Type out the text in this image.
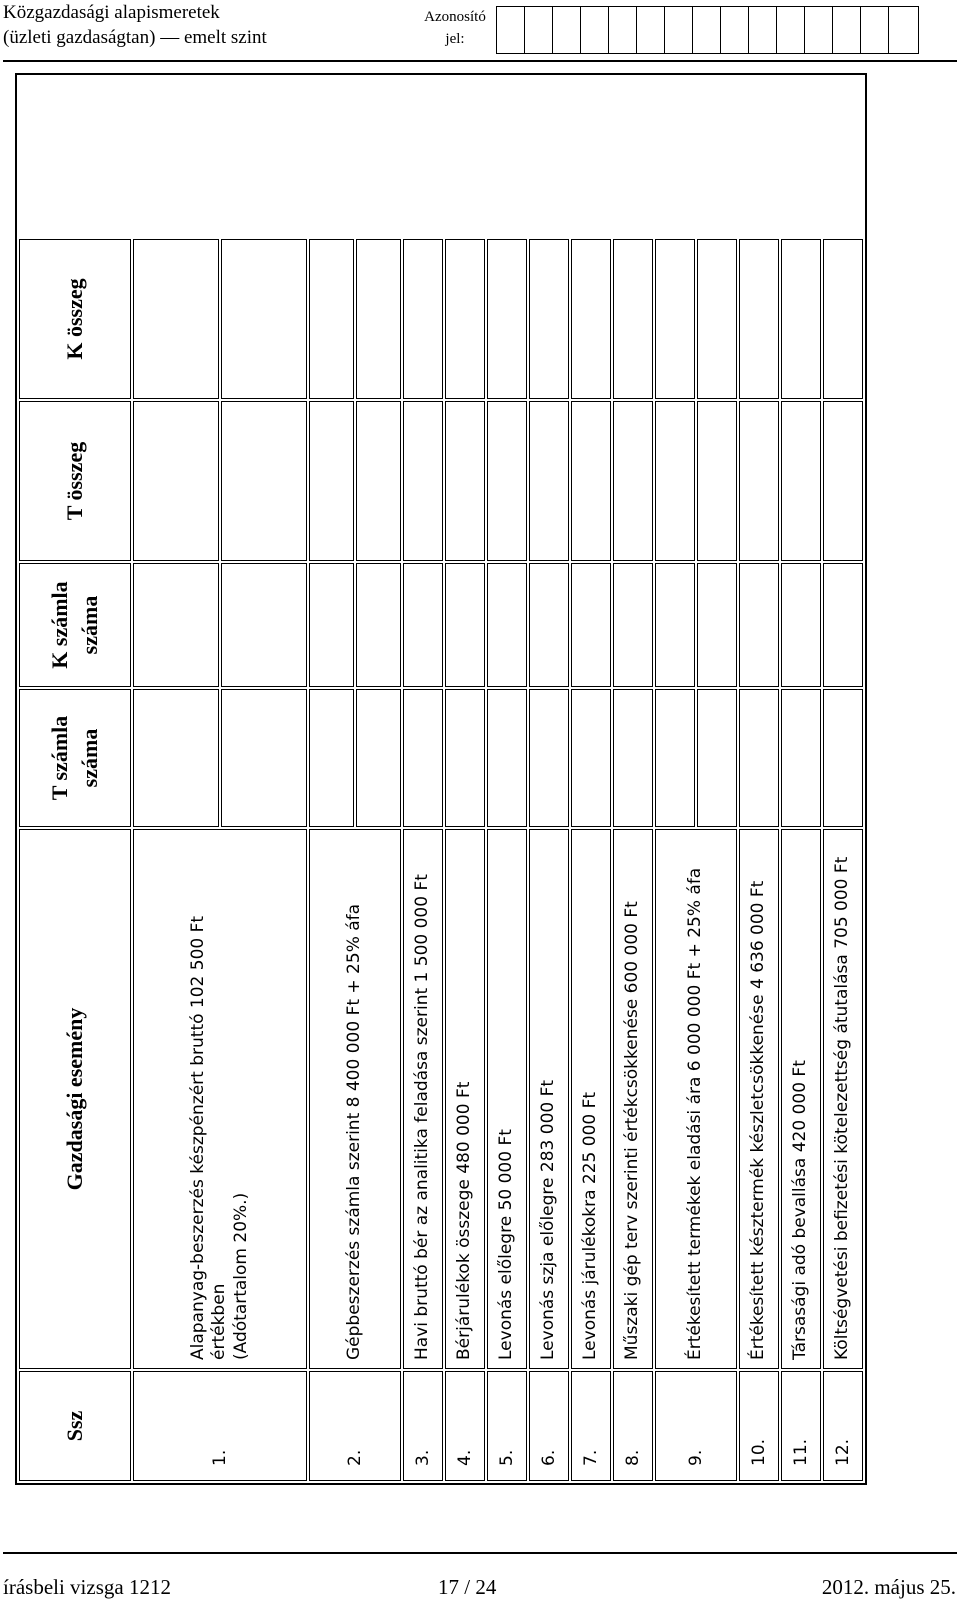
Közgazdasági alapismeretek
(üzleti gazdaságtan) — emelt szint
Azonosító
jel:
Ssz	Gazdasági esemény	T számla száma	K számla száma	T összeg	K összeg
1.	Alapanyag-beszerzés készpénzért bruttó 102 500 Ft értékben
(Adótartalom 20%.)				

2.	Gépbeszerzés számla szerint 8 400 000 Ft + 25% áfa				

3.	Havi bruttó bér az analitika feladása szerint 1 500 000 Ft				
4.	Bérjárulékok összege 480 000 Ft				
5.	Levonás előlegre 50 000 Ft				
6.	Levonás szja előlegre 283 000 Ft				
7.	Levonás járulékokra 225 000 Ft				
8.	Műszaki gép terv szerinti értékcsökkenése 600 000 Ft				
9.	Értékesített termékek eladási ára 6 000 000 Ft + 25% áfa				

10.	Értékesített késztermék készletcsökkenése 4 636 000 Ft				
11.	Társasági adó bevallása 420 000 Ft				
12.	Költségvetési befizetési kötelezettség átutalása 705 000 Ft				
írásbeli vizsga 1212	17 / 24	2012. május 25.
